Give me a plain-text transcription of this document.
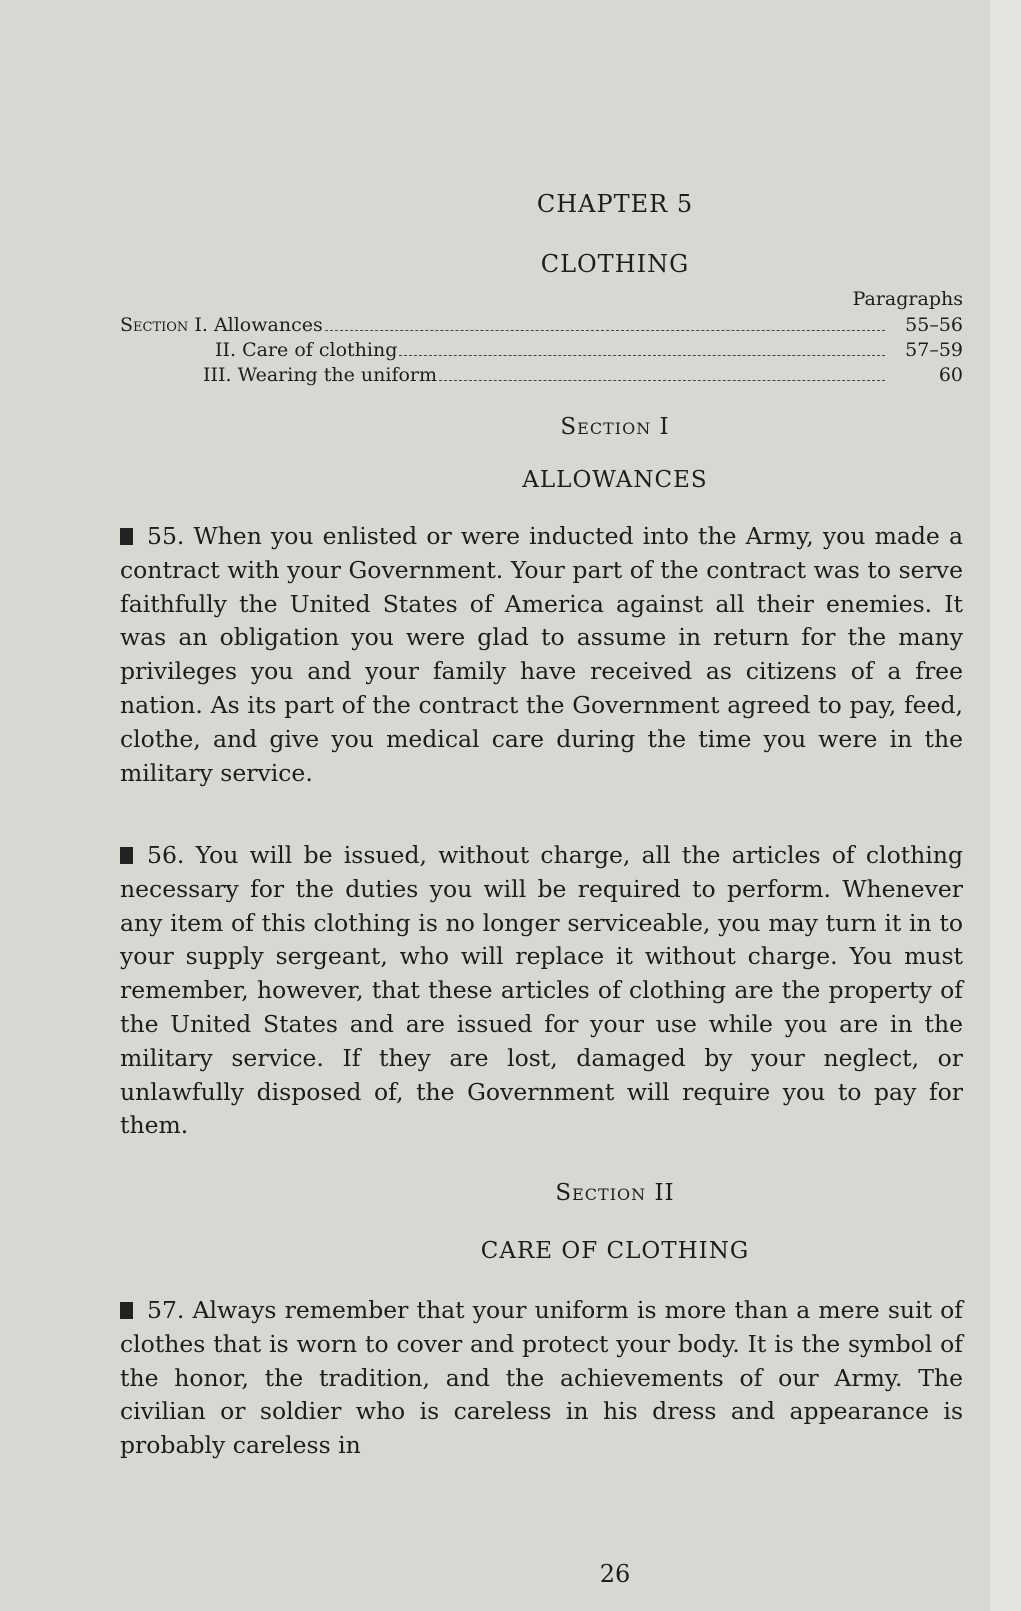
CHAPTER 5
CLOTHING
Paragraphs
Section I. Allowances	55–56
II. Care of clothing	57–59
III. Wearing the uniform	60
Section I
ALLOWANCES

55. When you enlisted or were inducted into the Army, you made a contract with your Government. Your part of the contract was to serve faithfully the United States of America against all their enemies. It was an obligation you were glad to assume in return for the many privileges you and your family have received as citizens of a free nation. As its part of the contract the Government agreed to pay, feed, clothe, and give you medical care during the time you were in the military service.

56. You will be issued, without charge, all the articles of clothing necessary for the duties you will be required to perform. Whenever any item of this clothing is no longer serviceable, you may turn it in to your supply sergeant, who will replace it without charge. You must remember, however, that these articles of clothing are the property of the United States and are issued for your use while you are in the military service. If they are lost, damaged by your neglect, or unlawfully disposed of, the Government will require you to pay for them.

Section II
CARE OF CLOTHING

57. Always remember that your uniform is more than a mere suit of clothes that is worn to cover and protect your body. It is the symbol of the honor, the tradition, and the achievements of our Army. The civilian or soldier who is careless in his dress and appearance is probably careless in

26
